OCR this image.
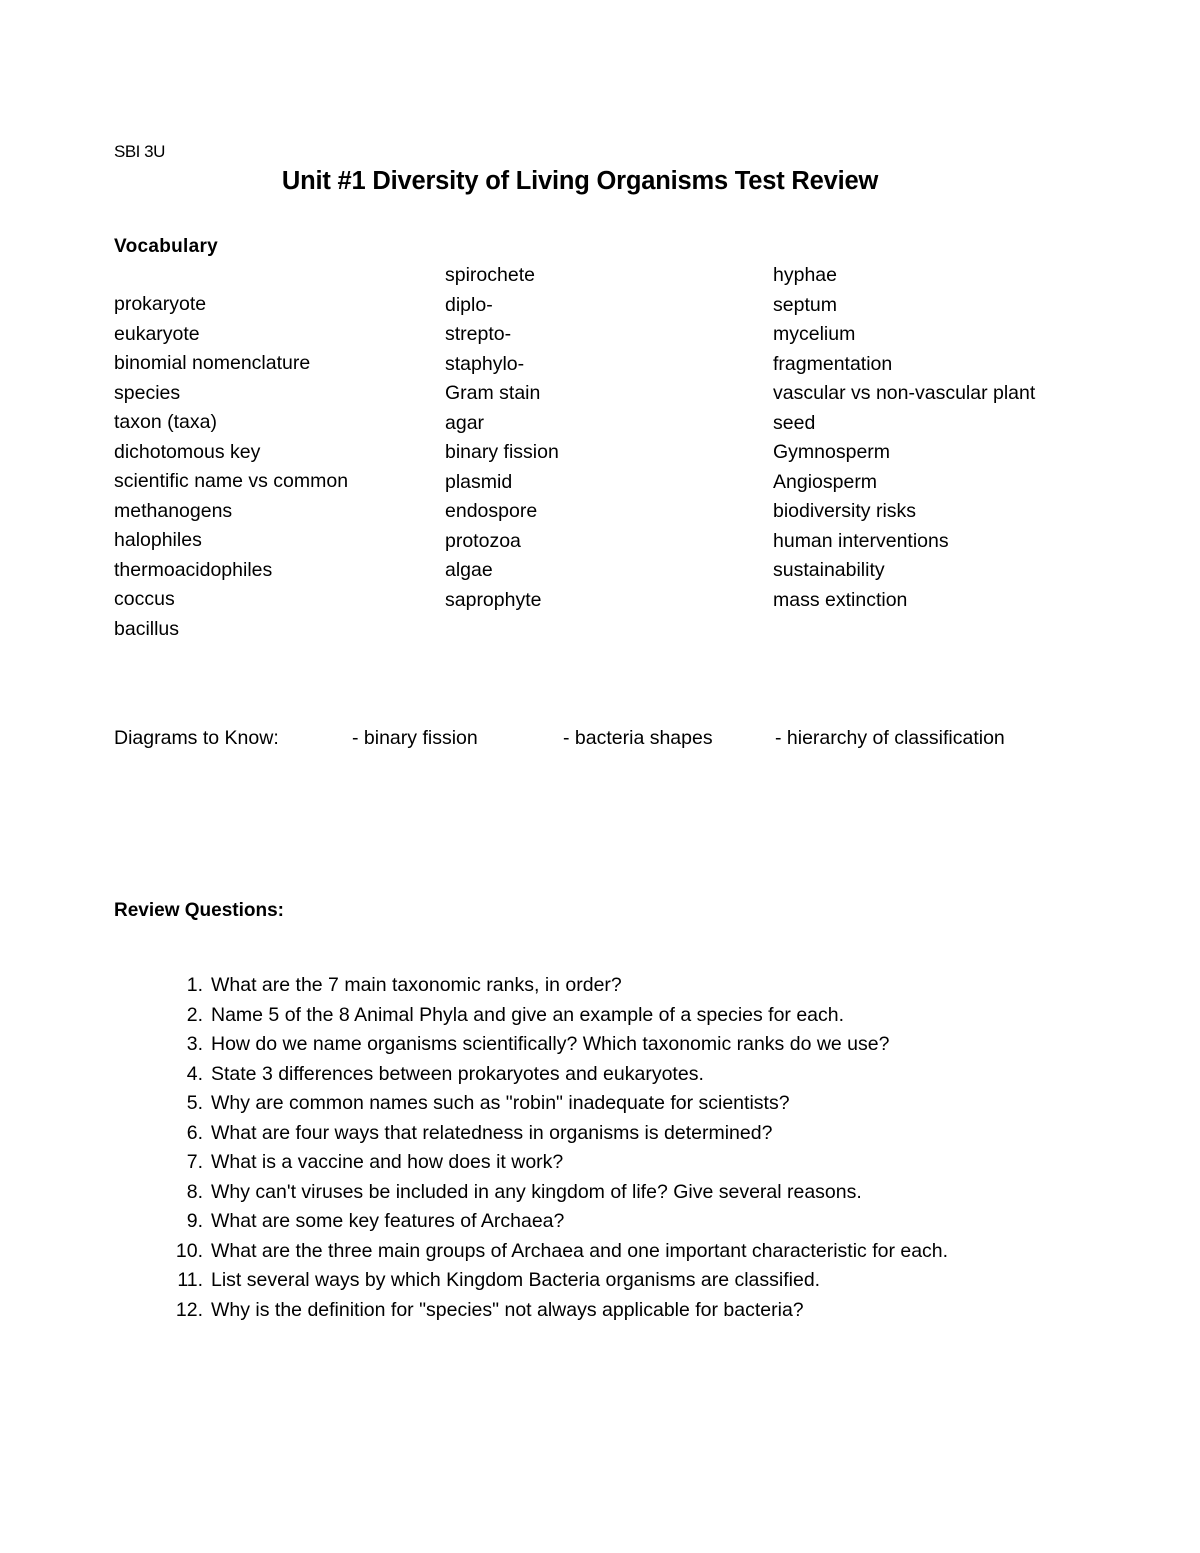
SBI 3U
Unit #1 Diversity of Living Organisms Test Review
Vocabulary
prokaryote
eukaryote
binomial nomenclature
species
taxon (taxa)
dichotomous key
scientific name vs common
methanogens
halophiles
thermoacidophiles
coccus
bacillus
spirochete
diplo-
strepto-
staphylo-
Gram stain
agar
binary fission
plasmid
endospore
protozoa
algae
saprophyte
hyphae
septum
mycelium
fragmentation
vascular vs non-vascular plant
seed
Gymnosperm
Angiosperm
biodiversity risks
human interventions
sustainability
mass extinction
Diagrams to Know:	- binary fission	- bacteria shapes	- hierarchy of classification
Review Questions:
1. What are the 7 main taxonomic ranks, in order?
2. Name 5 of the 8 Animal Phyla and give an example of a species for each.
3. How do we name organisms scientifically? Which taxonomic ranks do we use?
4. State 3 differences between prokaryotes and eukaryotes.
5. Why are common names such as "robin" inadequate for scientists?
6. What are four ways that relatedness in organisms is determined?
7. What is a vaccine and how does it work?
8. Why can't viruses be included in any kingdom of life? Give several reasons.
9. What are some key features of Archaea?
10. What are the three main groups of Archaea and one important characteristic for each.
11. List several ways by which Kingdom Bacteria organisms are classified.
12. Why is the definition for "species" not always applicable for bacteria?
